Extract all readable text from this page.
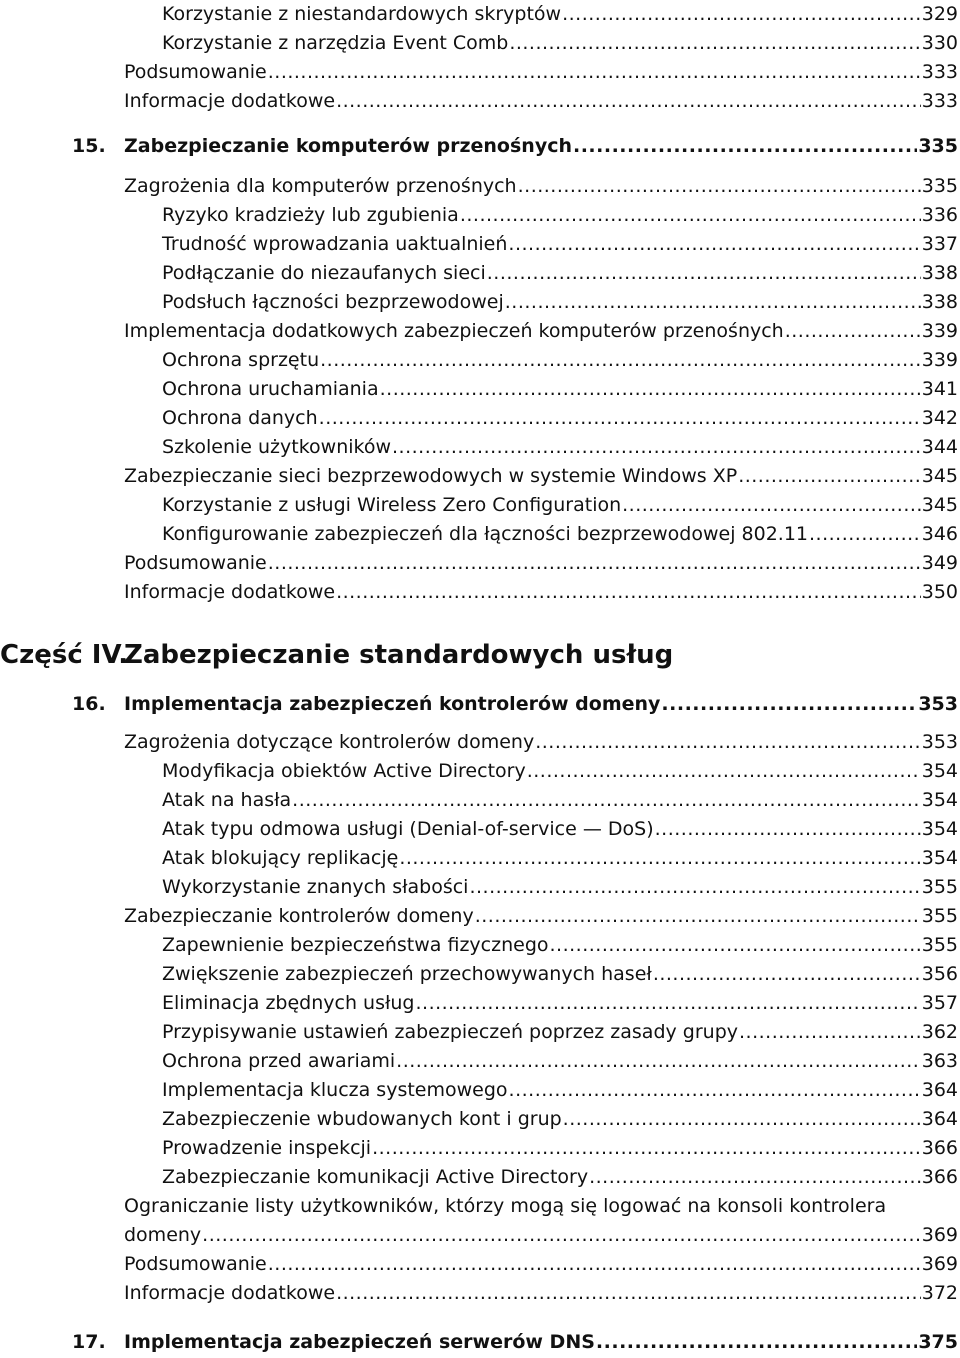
Korzystanie z niestandardowych skryptów .....	329
Korzystanie z narzędzia Event Comb .....	330
Podsumowanie .....	333
Informacje dodatkowe .....	333
15. Zabezpieczanie komputerów przenośnych .....	335
Zagrożenia dla komputerów przenośnych .....	335
Ryzyko kradzieży lub zgubienia .....	336
Trudność wprowadzania uaktualnień .....	337
Podłączanie do niezaufanych sieci .....	338
Podsłuch łączności bezprzewodowej .....	338
Implementacja dodatkowych zabezpieczeń komputerów przenośnych .....	339
Ochrona sprzętu .....	339
Ochrona uruchamiania .....	341
Ochrona danych .....	342
Szkolenie użytkowników .....	344
Zabezpieczanie sieci bezprzewodowych w systemie Windows XP .....	345
Korzystanie z usługi Wireless Zero Configuration .....	345
Konfigurowanie zabezpieczeń dla łączności bezprzewodowej 802.11 .....	346
Podsumowanie .....	349
Informacje dodatkowe .....	350
Część IV.Zabezpieczanie standardowych usług
16. Implementacja zabezpieczeń kontrolerów domeny .....	353
Zagrożenia dotyczące kontrolerów domeny .....	353
Modyfikacja obiektów Active Directory .....	354
Atak na hasła .....	354
Atak typu odmowa usługi (Denial-of-service — DoS) .....	354
Atak blokujący replikację .....	354
Wykorzystanie znanych słabości .....	355
Zabezpieczanie kontrolerów domeny .....	355
Zapewnienie bezpieczeństwa fizycznego .....	355
Zwiększenie zabezpieczeń przechowywanych haseł .....	356
Eliminacja zbędnych usług .....	357
Przypisywanie ustawień zabezpieczeń poprzez zasady grupy .....	362
Ochrona przed awariami .....	363
Implementacja klucza systemowego .....	364
Zabezpieczenie wbudowanych kont i grup .....	364
Prowadzenie inspekcji .....	366
Zabezpieczanie komunikacji Active Directory .....	366
Ograniczanie listy użytkowników, którzy mogą się logować na konsoli kontrolera
domeny .....	369
Podsumowanie .....	369
Informacje dodatkowe .....	372
17. Implementacja zabezpieczeń serwerów DNS .....	375
